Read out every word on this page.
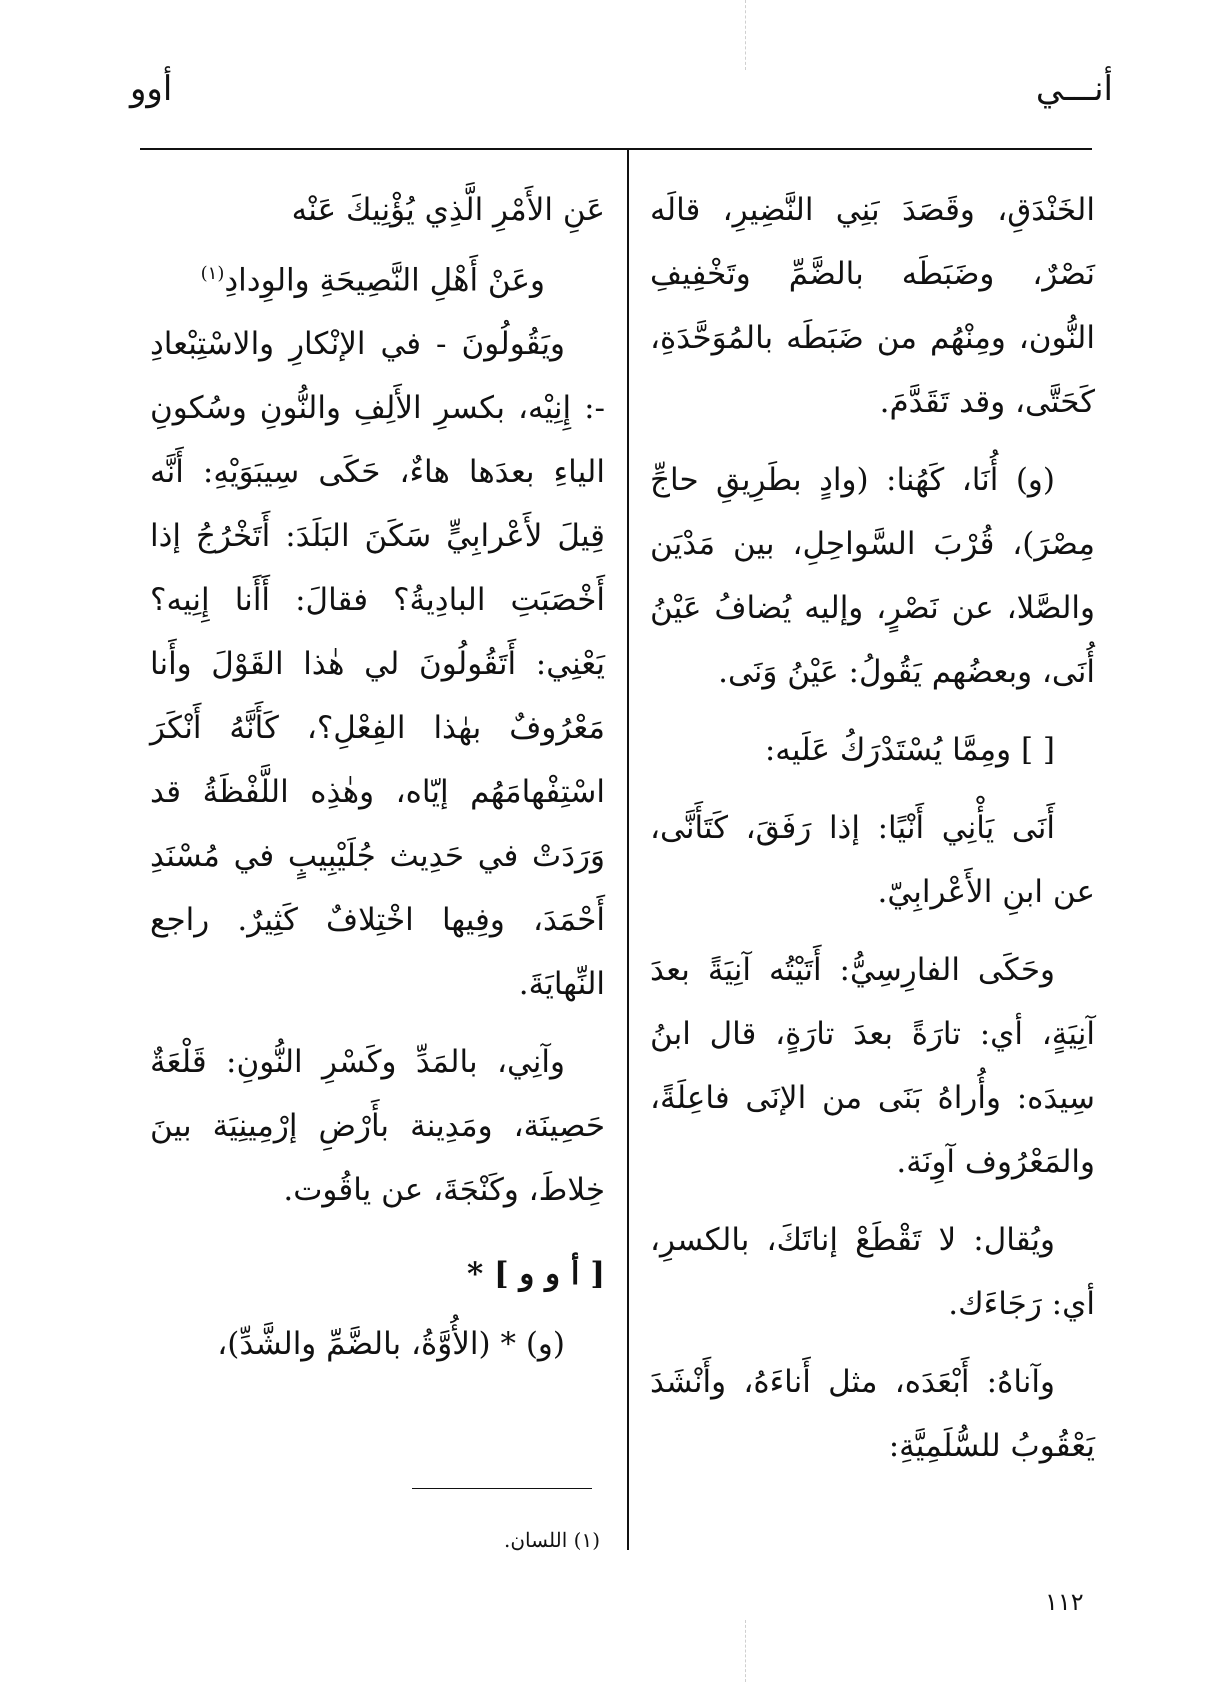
أنـــي
أوو

الخَنْدَقِ، وقَصَدَ بَنِي النَّضِيرِ، قالَه نَصْرٌ، وضَبَطَه بالضَّمِّ وتَخْفِيفِ النُّون، ومِنْهُم من ضَبَطَه بالمُوَحَّدَةِ، كَحَتَّى، وقد تَقَدَّمَ.

(و) أُنَا، كَهُنا: (وادٍ بطَرِيقِ حاجِّ مِصْرَ)، قُرْبَ السَّواحِلِ، بين مَدْيَن والصَّلا، عن نَصْرٍ، وإليه يُضافُ عَيْنُ أُنَى، وبعضُهم يَقُولُ: عَيْنُ وَنَى.

[ ] ومِمَّا يُسْتَدْرَكُ عَلَيه:

أَنَى يَأْنِي أَنْيًا: إذا رَفَقَ، كَتَأَنَّى، عن ابنِ الأَعْرابِيّ.

وحَكَى الفارِسِيُّ: أَتَيْتُه آنِيَةً بعدَ آنِيَةٍ، أي: تارَةً بعدَ تارَةٍ، قال ابنُ سِيدَه: وأُراهُ بَنَى من الإنَى فاعِلَةً، والمَعْرُوف آوِنَة.

ويُقال: لا تَقْطَعْ إناتَكَ، بالكسرِ، أي: رَجَاءَك.

وآناهُ: أَبْعَدَه، مثل أَناءَهُ، وأَنْشَدَ يَعْقُوبُ للسُّلَمِيَّةِ:

عَنِ الأَمْرِ الَّذِي يُؤْنِيكَ عَنْه
وعَنْ أَهْلِ النَّصِيحَةِ والوِدادِ$^{(١)}$

ويَقُولُونَ - في الإنْكارِ والاسْتِبْعادِ -: إِنِيْه، بكسرِ الأَلِفِ والنُّونِ وسُكونِ الياءِ بعدَها هاءٌ، حَكَى سِيبَوَيْهِ: أَنَّه قِيلَ لأَعْرابِيٍّ سَكَنَ البَلَدَ: أَتَخْرُجُ إذا أَخْصَبَتِ البادِيةُ؟ فقالَ: أَأَنا إِنِيه؟ يَعْنِي: أَتَقُولُونَ لي هٰذا القَوْلَ وأَنا مَعْرُوفٌ بهٰذا الفِعْلِ؟، كَأَنَّهُ أَنْكَرَ اسْتِفْهامَهُم إيّاه، وهٰذِه اللَّفْظَةُ قد وَرَدَتْ في حَدِيث جُلَيْبِيبٍ في مُسْنَدِ أَحْمَدَ، وفِيها اخْتِلافٌ كَثِيرٌ. راجع النِّهايَةَ.

وآنِي، بالمَدِّ وكَسْرِ النُّونِ: قَلْعَةٌ حَصِينَة، ومَدِينة بأَرْضِ إرْمِينِيَة بينَ خِلاطَ، وكَنْجَةَ، عن ياقُوت.

[ أ و و ] *

(و) * (الأُوَّةُ، بالضَّمِّ والشَّدِّ)،

(١) اللسان.
١١٢
